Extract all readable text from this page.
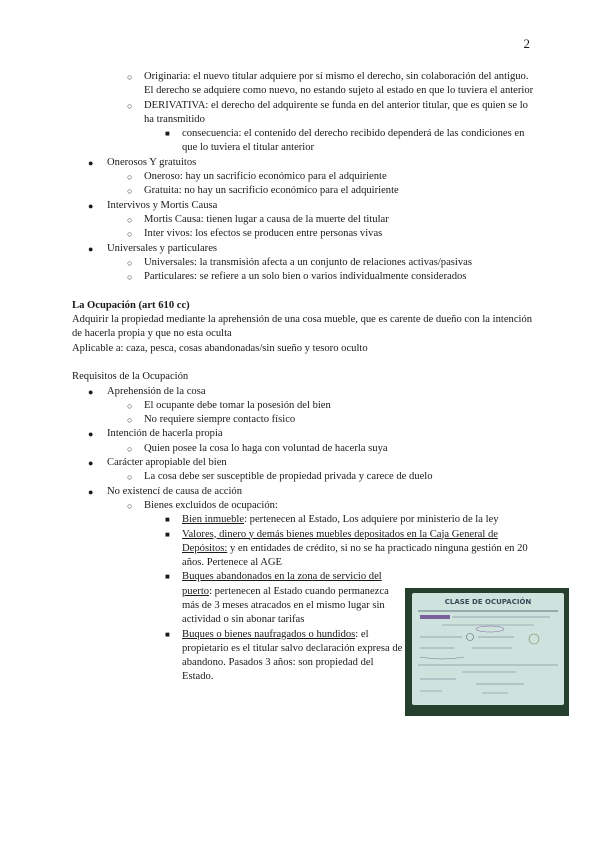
2
○ Originaria: el nuevo titular adquiere por sí mismo el derecho, sin colaboración del antiguo. El derecho se adquiere como nuevo, no estando sujeto al estado en que lo tuviera el anterior
○ DERIVATIVA: el derecho del adquirente se funda en del anterior titular, que es quien se lo ha transmitido
■ consecuencia: el contenido del derecho recibido dependerá de las condiciones en que lo tuviera el titular anterior
● Onerosos Y gratuitos
○ Oneroso: hay un sacrificio económico para el adquiriente
○ Gratuita: no hay un sacrificio económico para el adquiriente
● Intervivos y Mortis Causa
○ Mortis Causa: tienen lugar a causa de la muerte del titular
○ Inter vivos: los efectos se producen entre personas vivas
● Universales y particulares
○ Universales: la transmisión afecta a un conjunto de relaciones activas/pasivas
○ Particulares: se refiere a un solo bien o varios individualmente considerados
La Ocupación (art 610 cc)
Adquirir la propiedad mediante la aprehensión de una cosa mueble, que es carente de dueño con la intención de hacerla propia y que no esta oculta
Aplicable a: caza, pesca, cosas abandonadas/sin sueño y tesoro oculto
Requisitos de la Ocupación
● Aprehensión de la cosa
○ El ocupante debe tomar la posesión del bien
○ No requiere siempre contacto físico
● Intención de hacerla propia
○ Quien posee la cosa lo haga con voluntad de hacerla suya
● Carácter apropiable del bien
○ La cosa debe ser susceptible de propiedad privada y carece de duelo
● No existencí de causa de acción
○ Bienes excluidos de ocupación:
■ Bien inmueble: pertenecen al Estado, Los adquiere por ministerio de la ley
■ Valores, dinero y demás bienes muebles depositados en la Caja General de Depósitos: y en entidades de crédito, si no se ha practicado ninguna gestión en 20 años. Pertenece al AGE
■ Buques abandonados en la zona de servicio del puerto: pertenecen al Estado cuando permanezca más de 3 meses atracados en el mismo lugar sin actividad o sin abonar tarifas
■ Buques o bienes naufragados o hundidos: el propietario es el titular salvo declaración expresa de abandono. Pasados 3 años: son propiedad del Estado.
CLASE DE OCUPACIÓN
